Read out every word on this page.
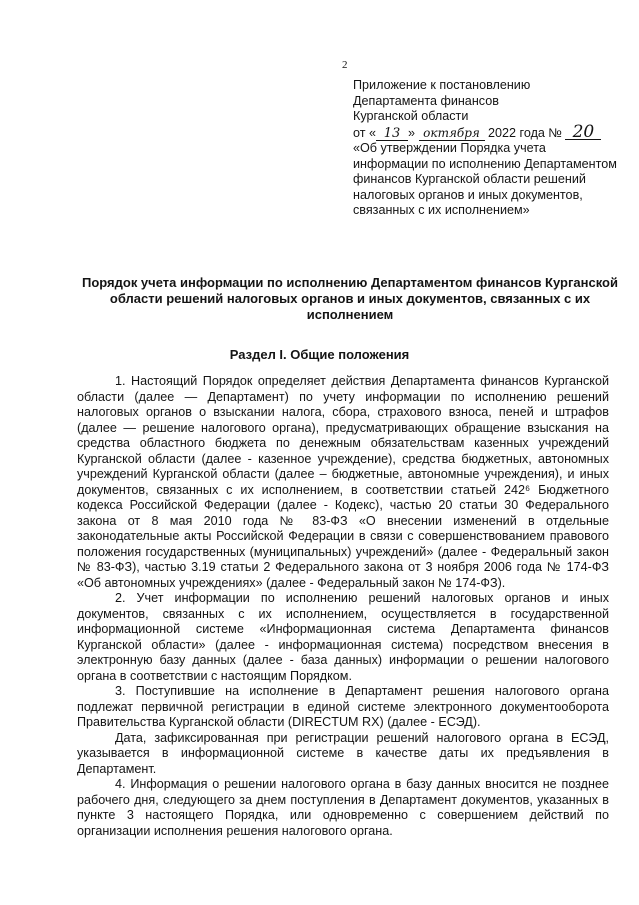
2
Приложение к постановлению
Департамента финансов
Курганской области
от « 13 » октября 2022 года № 20
«Об утверждении Порядка учета информации по исполнению Департаментом финансов Курганской области решений налоговых органов и иных документов, связанных с их исполнением»
Порядок учета информации по исполнению Департаментом финансов Курганской области решений налоговых органов и иных документов, связанных с их исполнением
Раздел I. Общие положения

1. Настоящий Порядок определяет действия Департамента финансов Курганской области (далее — Департамент) по учету информации по исполнению решений налоговых органов о взыскании налога, сбора, страхового взноса, пеней и штрафов (далее — решение налогового органа), предусматривающих обращение взыскания на средства областного бюджета по денежным обязательствам казенных учреждений Курганской области (далее - казенное учреждение), средства бюджетных, автономных учреждений Курганской области (далее – бюджетные, автономные учреждения), и иных документов, связанных с их исполнением, в соответствии статьей 242⁶ Бюджетного кодекса Российской Федерации (далее - Кодекс), частью 20 статьи 30 Федерального закона от 8 мая 2010 года № 83-ФЗ «О внесении изменений в отдельные законодательные акты Российской Федерации в связи с совершенствованием правового положения государственных (муниципальных) учреждений» (далее - Федеральный закон № 83-ФЗ), частью 3.19 статьи 2 Федерального закона от 3 ноября 2006 года № 174-ФЗ «Об автономных учреждениях» (далее - Федеральный закон № 174-ФЗ).

2. Учет информации по исполнению решений налоговых органов и иных документов, связанных с их исполнением, осуществляется в государственной информационной системе «Информационная система Департамента финансов Курганской области» (далее - информационная система) посредством внесения в электронную базу данных (далее - база данных) информации о решении налогового органа в соответствии с настоящим Порядком.

3. Поступившие на исполнение в Департамент решения налогового органа подлежат первичной регистрации в единой системе электронного документооборота Правительства Курганской области (DIRECTUM RX) (далее - ЕСЭД).

Дата, зафиксированная при регистрации решений налогового органа в ЕСЭД, указывается в информационной системе в качестве даты их предъявления в Департамент.

4. Информация о решении налогового органа в базу данных вносится не позднее рабочего дня, следующего за днем поступления в Департамент документов, указанных в пункте 3 настоящего Порядка, или одновременно с совершением действий по организации исполнения решения налогового органа.
